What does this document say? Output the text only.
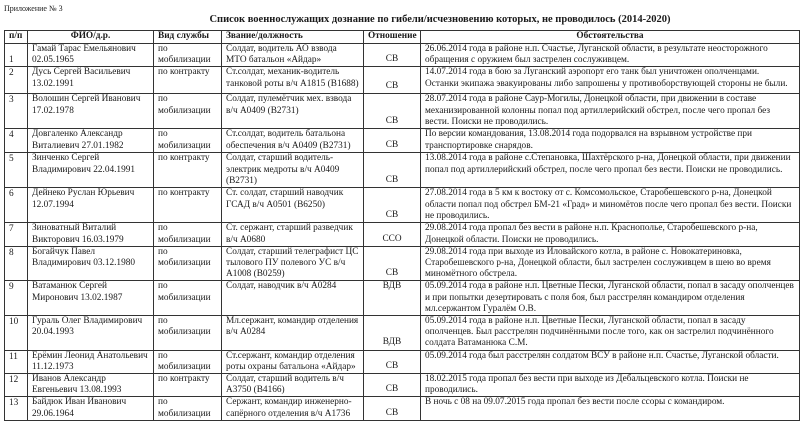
Приложение № 3
Список военнослужащих дознание по гибели/исчезновению которых, не проводилось (2014-2020)
п/п	ФИО/д.р.	Вид службы	Звание/должность	Отношение	Обстоятельства
1	Гамай Тарас Емельянович 02.05.1965	по мобилизации	Солдат, водитель АО взвода МТО батальон «Айдар»	СВ	26.06.2014 года в районе н.п. Счастье, Луганской области, в результате неосторожного обращения с оружием был застрелен сослуживцем.
2	Дусь Сергей Васильевич 13.02.1991	по контракту	Ст.солдат, механик-водитель танковой роты в/ч А1815 (В1688)	СВ	14.07.2014 года в бою за Луганский аэропорт его танк был уничтожен ополченцами. Останки экипажа эвакуированы либо запрошены у противоборствующей стороны не были.
3	Волошин Сергей Иванович 17.02.1978	по мобилизации	Солдат, пулемётчик мех. взвода в/ч А0409 (В2731)	СВ	28.07.2014 года в районе Саур-Могилы, Донецкой области, при движении в составе механизированной колонны попал под артиллерийский обстрел, после чего пропал без вести. Поиски не проводились.
4	Довгаленко Александр Виталиевич 27.01.1982	по мобилизации	Ст.солдат, водитель батальона обеспечения в/ч А0409 (В2731)	СВ	По версии командования, 13.08.2014 года подорвался на взрывном устройстве при транспортировке снарядов.
5	Зинченко Сергей Владимирович 22.04.1991	по контракту	Солдат, старший водитель-электрик медроты в/ч А0409 (В2731)	СВ	13.08.2014 года в районе с.Степановка, Шахтёрского р-на, Донецкой области, при движении попал под артиллерийский обстрел, после чего пропал без вести. Поиски не проводились.
6	Дейнеко Руслан Юрьевич 12.07.1994	по контракту	Ст. солдат, старший наводчик ГСАД в/ч А0501 (В6250)	СВ	27.08.2014 года в 5 км к востоку от с. Комсомольское, Старобешевского р-на, Донецкой области попал под обстрел БМ-21 «Град» и миномётов после чего пропал без вести. Поиски не проводились.
7	Зиноватный Виталий Викторович 16.03.1979	по мобилизации	Ст. сержант, старший разведчик в/ч А0680	ССО	29.08.2014 года пропал без вести в районе н.п. Краснополье, Старобешевского р-на, Донецкой области. Поиски не проводились.
8	Богайчук Павел Владимирович 03.12.1980	по мобилизации	Солдат, старший телеграфист ЦС тылового ПУ полевого УС в/ч А1008 (В0259)	СВ	29.08.2014 года при выходе из Иловайского котла, в районе с. Новокатериновка, Старобешевского р-на, Донецкой области, был застрелен сослуживцем в шею во время миномётного обстрела.
9	Ватаманюк Сергей Миронович 13.02.1987	по мобилизации	Солдат, наводчик в/ч А0284	ВДВ	05.09.2014 года в районе н.п. Цветные Пески, Луганской области, попал в засаду ополченцев и при попытки дезертировать с поля боя, был расстрелян командиром отделения мл.сержантом Гуралём О.В.
10	Гураль Олег Владимирович 20.04.1993	по мобилизации	Мл.сержант, командир отделения в/ч А0284	ВДВ	05.09.2014 года в районе н.п. Цветные Пески, Луганской области, попал в засаду ополченцев. Был расстрелян подчинёнными после того, как он застрелил подчинённого солдата Ватаманюка С.М.
11	Ерёмин Леонид Анатольевич 11.12.1973	по мобилизации	Ст.сержант, командир отделения роты охраны батальона «Айдар»	СВ	05.09.2014 года был расстрелян солдатом ВСУ в районе н.п. Счастье, Луганской области.
12	Иванов Александр Евгеньевич 13.08.1993	по контракту	Солдат, старший водитель в/ч А3750 (В4166)	СВ	18.02.2015 года пропал без вести при выходе из Дебальцевского котла. Поиски не проводились.
13	Байдюк Иван Иванович 29.06.1964	по мобилизации	Сержант, командир инженерно-сапёрного отделения в/ч А1736	СВ	В ночь с 08 на 09.07.2015 года пропал без вести после ссоры с командиром.
